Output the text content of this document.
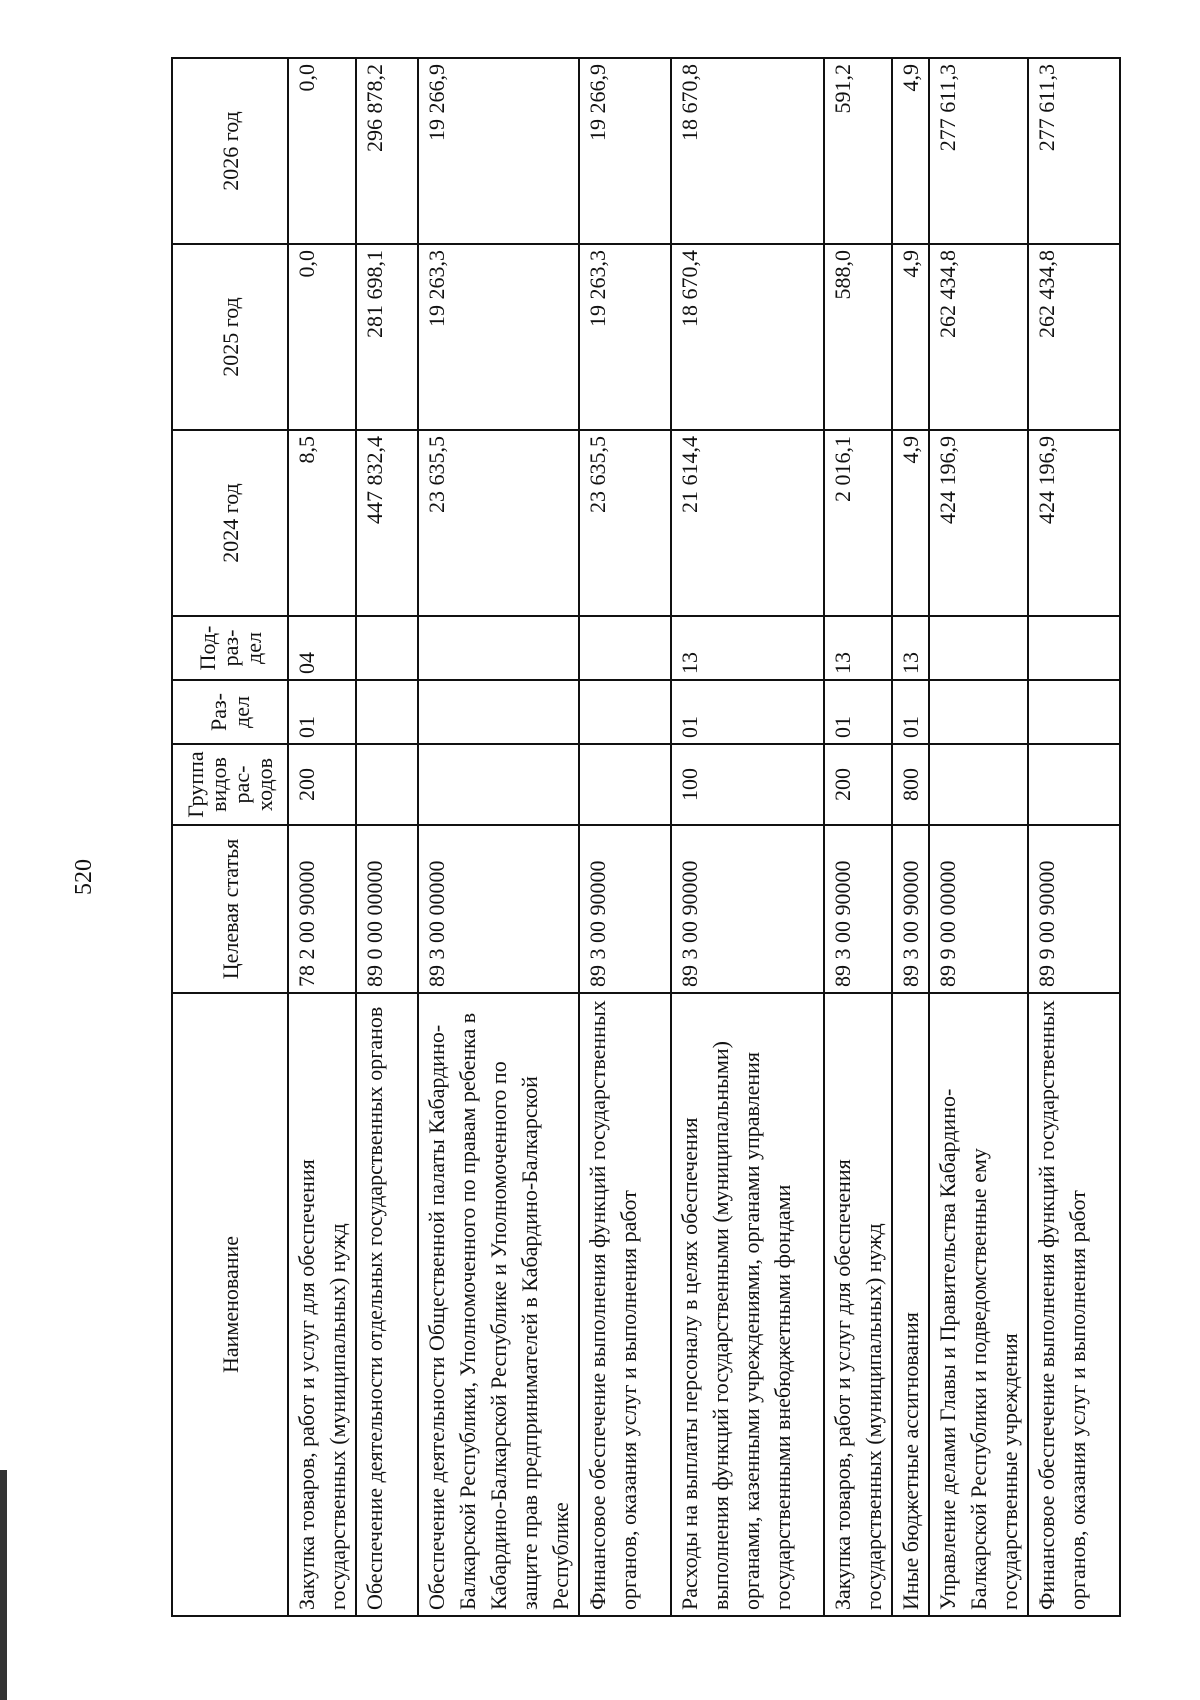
520
Наименование	Целевая статья	Группа видов рас-ходов	Раз-дел	Под-раз-дел	2024 год	2025 год	2026 год
Закупка товаров, работ и услуг для обеспечения государственных (муниципальных) нужд	78 2 00 90000	200	01	04	8,5	0,0	0,0
Обеспечение деятельности отдельных государственных органов	89 0 00 00000				447 832,4	281 698,1	296 878,2
Обеспечение деятельности Общественной палаты Кабардино-Балкарской Республики, Уполномоченного по правам ребенка в Кабардино-Балкарской Республике и Уполномоченного по защите прав предпринимателей в Кабардино-Балкарской Республике	89 3 00 00000				23 635,5	19 263,3	19 266,9
Финансовое обеспечение выполнения функций государственных органов, оказания услуг и выполнения работ	89 3 00 90000				23 635,5	19 263,3	19 266,9
Расходы на выплаты персоналу в целях обеспечения выполнения функций государственными (муниципальными) органами, казенными учреждениями, органами управления государственными внебюджетными фондами	89 3 00 90000	100	01	13	21 614,4	18 670,4	18 670,8
Закупка товаров, работ и услуг для обеспечения государственных (муниципальных) нужд	89 3 00 90000	200	01	13	2 016,1	588,0	591,2
Иные бюджетные ассигнования	89 3 00 90000	800	01	13	4,9	4,9	4,9
Управление делами Главы и Правительства Кабардино-Балкарской Республики и подведомственные ему государственные учреждения	89 9 00 00000				424 196,9	262 434,8	277 611,3
Финансовое обеспечение выполнения функций государственных органов, оказания услуг и выполнения работ	89 9 00 90000				424 196,9	262 434,8	277 611,3
